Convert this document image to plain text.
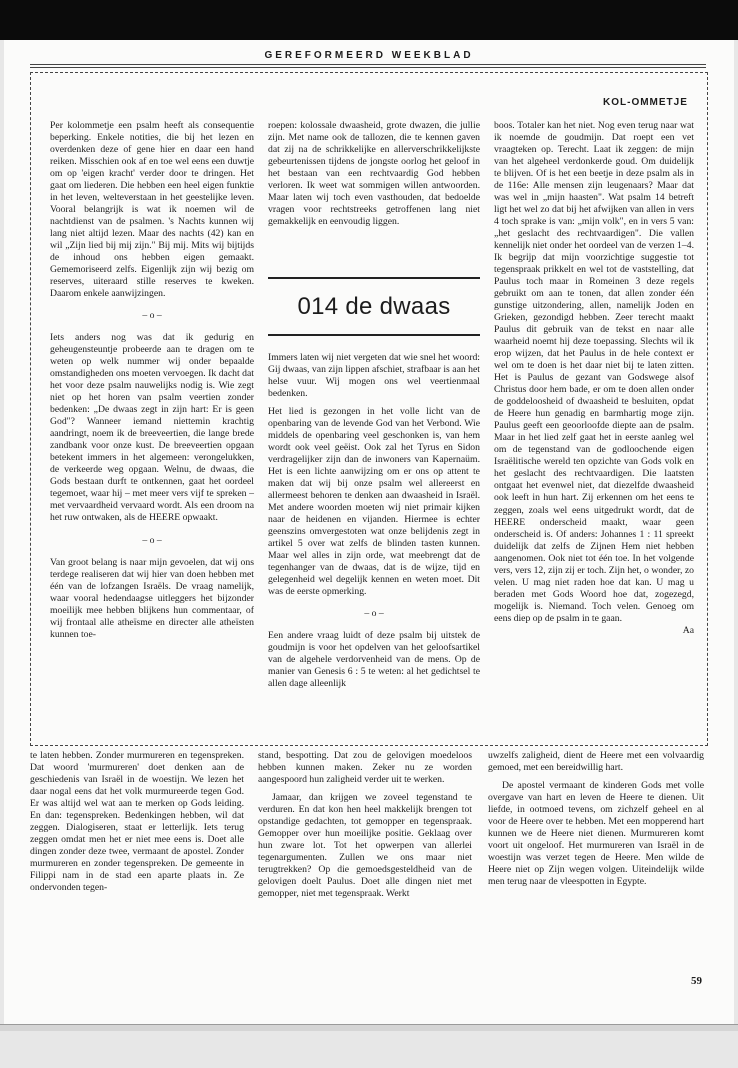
GEREFORMEERD WEEKBLAD
KOL-OMMETJE

Per kolommetje een psalm heeft als consequentie beperking. Enkele notities, die bij het lezen en overdenken deze of gene hier en daar een hand reiken. Misschien ook af en toe wel eens een duwtje om op 'eigen kracht' verder door te dringen. Het gaat om liederen. Die hebben een heel eigen funktie in het leven, welteverstaan in het geestelijke leven. Vooral belangrijk is wat ik noemen wil de nachtdienst van de psalmen. 's Nachts kunnen wij lang niet altijd lezen. Maar des nachts (42) kan en wil „Zijn lied bij mij zijn." Bij mij. Mits wij bijtijds de inhoud ons hebben eigen gemaakt. Gememoriseerd zelfs. Eigenlijk zijn wij bezig om reserves, uiteraard stille reserves te kweken. Daarom enkele aanwijzingen.

– o –

Iets anders nog was dat ik gedurig en geheugensteuntje probeerde aan te dragen om te weten op welk nummer wij onder bepaalde omstandigheden ons moeten vervoegen. Ik dacht dat het voor deze psalm nauwelijks nodig is. Wie zegt niet op het horen van psalm veertien zonder bedenken: „De dwaas zegt in zijn hart: Er is geen God"? Wanneer iemand niettemin krachtig aandringt, noem ik de breeveertien, die lange brede zandbank voor onze kust. De breeveertien opgaan betekent immers in het algemeen: verongelukken, de verkeerde weg opgaan. Welnu, de dwaas, die Gods bestaan durft te ontkennen, gaat het oordeel tegemoet, waar hij – met meer vers vijf te spreken – met vervaardheid vervaard wordt. Als een droom na het ruw ontwaken, als de HEERE opwaakt.

– o –

Van groot belang is naar mijn gevoelen, dat wij ons terdege realiseren dat wij hier van doen hebben met één van de lofzangen Israëls. De vraag namelijk, waar vooral hedendaagse uitleggers het bijzonder moeilijk mee hebben blijkens hun commentaar, of wij frontaal alle atheïsme en directer alle atheïsten kunnen toe-

roepen: kolossale dwaasheid, grote dwazen, die jullie zijn. Met name ook de tallozen, die te kennen gaven dat zij na de schrikkelijke en allerverschrikkelijkste gebeurtenissen tijdens de jongste oorlog het geloof in het bestaan van een rechtvaardig God hebben verloren. Ik weet wat sommigen willen antwoorden. Maar laten wij toch even vasthouden, dat bedoelde vragen voor rechtstreeks getroffenen lang niet gemakkelijk en eenvoudig liggen.

014 de dwaas

Immers laten wij niet vergeten dat wie snel het woord: Gij dwaas, van zijn lippen afschiet, strafbaar is aan het helse vuur. Wij mogen ons wel veertienmaal bedenken.

Het lied is gezongen in het volle licht van de openbaring van de levende God van het Verbond. Wie middels de openbaring veel geschonken is, van hem wordt ook veel geëist. Ook zal het Tyrus en Sidon verdragelijker zijn dan de inwoners van Kapernaüm. Het is een lichte aanwijzing om er ons op attent te maken dat wij bij onze psalm wel allereerst en allermeest behoren te denken aan dwaasheid in Israël. Met andere woorden moeten wij niet primair kijken naar de heidenen en vijanden. Hiermee is echter geenszins omvergestoten wat onze belijdenis zegt in artikel 5 over wat zelfs de blinden tasten kunnen. Maar wel alles in zijn orde, wat meebrengt dat de tegenhanger van de dwaas, dat is de wijze, tijd en gelegenheid wel degelijk kennen en weten moet. Dit was de eerste opmerking.

– o –

Een andere vraag luidt of deze psalm bij uitstek de goudmijn is voor het opdelven van het geloofsartikel van de algehele verdorvenheid van de mens. Op de manier van Genesis 6 : 5 te weten: al het gedichtsel te allen dage alleenlijk

boos. Totaler kan het niet. Nog even terug naar wat ik noemde de goudmijn. Dat roept een vet vraagteken op. Terecht. Laat ik zeggen: de mijn van het algeheel verdonkerde goud. Om duidelijk te blijven. Of is het een beetje in deze psalm als in de 116e: Alle mensen zijn leugenaars? Maar dat was wel in „mijn haasten". Wat psalm 14 betreft ligt het wel zo dat bij het afwijken van allen in vers 4 toch sprake is van: „mijn volk", en in vers 5 van: „het geslacht des rechtvaardigen". Die vallen kennelijk niet onder het oordeel van de verzen 1–4. Ik begrijp dat mijn voorzichtige suggestie tot tegenspraak prikkelt en wel tot de vaststelling, dat Paulus toch maar in Romeinen 3 deze regels gebruikt om aan te tonen, dat allen zonder één gunstige uitzondering, allen, namelijk Joden en Grieken, gezondigd hebben. Zeer terecht maakt Paulus dit gebruik van de tekst en naar alle waarheid noemt hij deze toepassing. Slechts wil ik erop wijzen, dat het Paulus in de hele context er wel om te doen is het daar niet bij te laten zitten. Het is Paulus de gezant van Godswege alsof Christus door hem bade, er om te doen allen onder de goddeloosheid of dwaasheid te besluiten, opdat de Heere hun genadig en barmhartig moge zijn. Paulus geeft een geoorloofde diepte aan de psalm. Maar in het lied zelf gaat het in eerste aanleg wel om de tegenstand van de godloochende eigen Israëlitische wereld ten opzichte van Gods volk en het geslacht des rechtvaardigen. Die laatsten ontgaat het evenwel niet, dat diezelfde dwaasheid ook leeft in hun hart. Zij erkennen om het eens te zeggen, zoals wel eens uitgedrukt wordt, dat de HEERE onderscheid maakt, waar geen onderscheid is. Of anders: Johannes 1 : 11 spreekt duidelijk dat zelfs de Zijnen Hem niet hebben aangenomen. Ook niet tot één toe. In het volgende vers, vers 12, zijn zij er toch. Zijn het, o wonder, zo velen. U mag niet raden hoe dat kan. U mag u beraden met Gods Woord hoe dat, zogezegd, mogelijk is. Niemand. Toch velen. Genoeg om eens diep op de psalm in te gaan.

Aa

te laten hebben. Zonder murmureren en tegenspreken. Dat woord 'murmureren' doet denken aan de geschiedenis van Israël in de woestijn. We lezen het daar nogal eens dat het volk murmureerde tegen God. Er was altijd wel wat aan te merken op Gods leiding. En dan: tegenspreken. Bedenkingen hebben, wil dat zeggen. Dialogiseren, staat er letterlijk. Iets terug zeggen omdat men het er niet mee eens is. Doet alle dingen zonder deze twee, vermaant de apostel. Zonder murmureren en zonder tegenspreken. De gemeente in Filippi nam in de stad een aparte plaats in. Ze ondervonden tegen-

stand, bespotting. Dat zou de gelovigen moedeloos hebben kunnen maken. Zeker nu ze worden aangespoord hun zaligheid verder uit te werken.

Jamaar, dan krijgen we zoveel tegenstand te verduren. En dat kon hen heel makkelijk brengen tot opstandige gedachten, tot gemopper en tegenspraak. Gemopper over hun moeilijke positie. Geklaag over hun zware lot. Tot het opwerpen van allerlei tegenargumenten. Zullen we ons maar niet terugtrekken? Op die gemoedsgesteldheid van de gelovigen doelt Paulus. Doet alle dingen niet met gemopper, niet met tegenspraak. Werkt

uwzelfs zaligheid, dient de Heere met een volvaardig gemoed, met een bereidwillig hart.

De apostel vermaant de kinderen Gods met volle overgave van hart en leven de Heere te dienen. Uit liefde, in ootmoed tevens, om zichzelf geheel en al voor de Heere over te hebben. Met een mopperend hart kunnen we de Heere niet dienen. Murmureren komt voort uit ongeloof. Het murmureren van Israël in de woestijn was verzet tegen de Heere. Men wilde de Heere niet op Zijn wegen volgen. Uiteindelijk wilde men terug naar de vleespotten in Egypte.

59
